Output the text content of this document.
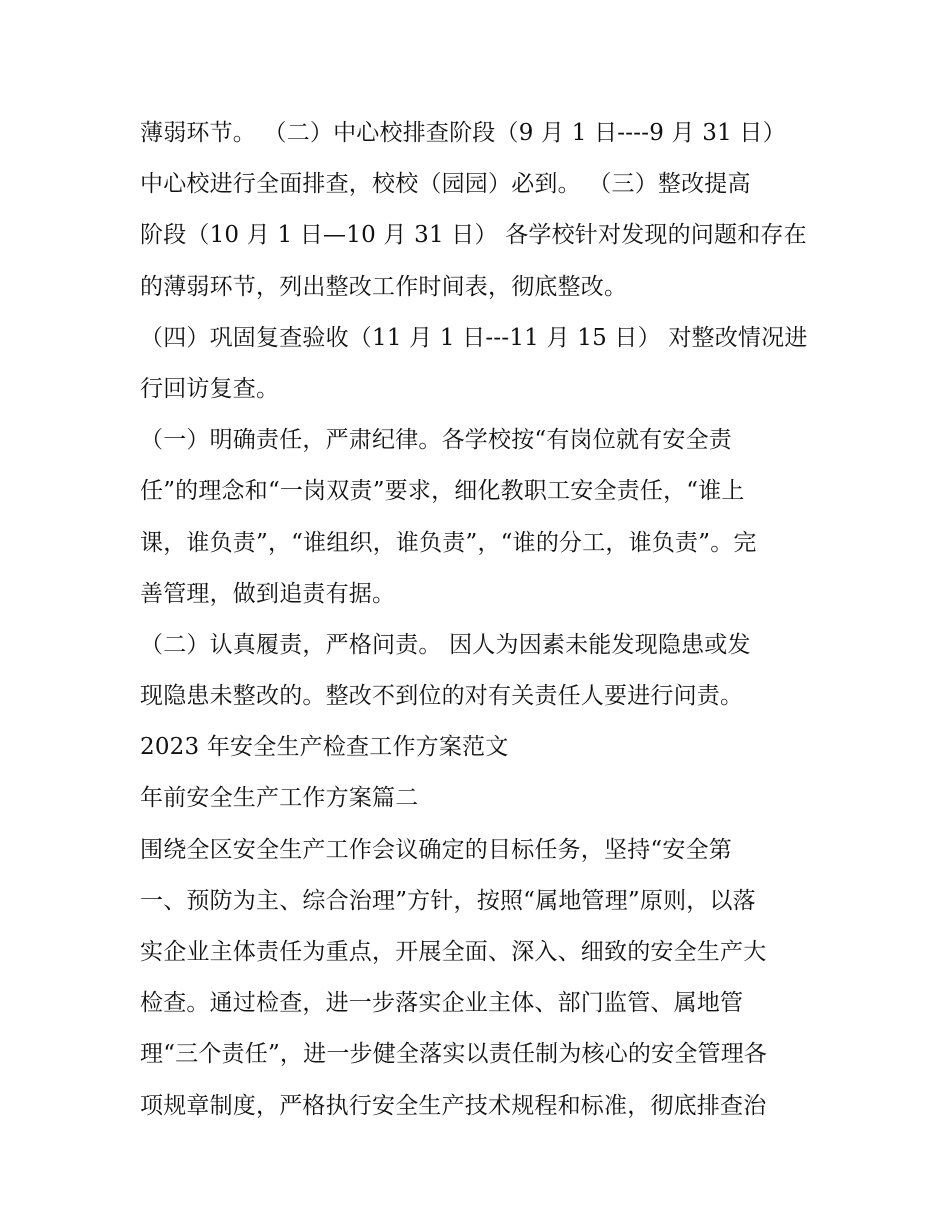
薄弱环节。 （二）中心校排查阶段（9 月 1 日----9 月 31 日）
中心校进行全面排查，校校（园园）必到。 （三）整改提高
阶段（10 月 1 日—10 月 31 日） 各学校针对发现的问题和存在
的薄弱环节，列出整改工作时间表，彻底整改。
（四）巩固复查验收（11 月 1 日---11 月 15 日） 对整改情况进
行回访复查。
（一）明确责任，严肃纪律。各学校按“有岗位就有安全责
任”的理念和“一岗双责”要求，细化教职工安全责任，“谁上
课，谁负责”，“谁组织，谁负责”，“谁的分工，谁负责”。完
善管理，做到追责有据。
（二）认真履责，严格问责。 因人为因素未能发现隐患或发
现隐患未整改的。整改不到位的对有关责任人要进行问责。
2023 年安全生产检查工作方案范文
年前安全生产工作方案篇二
围绕全区安全生产工作会议确定的目标任务，坚持“安全第
一、预防为主、综合治理”方针，按照“属地管理”原则，以落
实企业主体责任为重点，开展全面、深入、细致的安全生产大
检查。通过检查，进一步落实企业主体、部门监管、属地管
理“三个责任”，进一步健全落实以责任制为核心的安全管理各
项规章制度，严格执行安全生产技术规程和标准，彻底排查治
